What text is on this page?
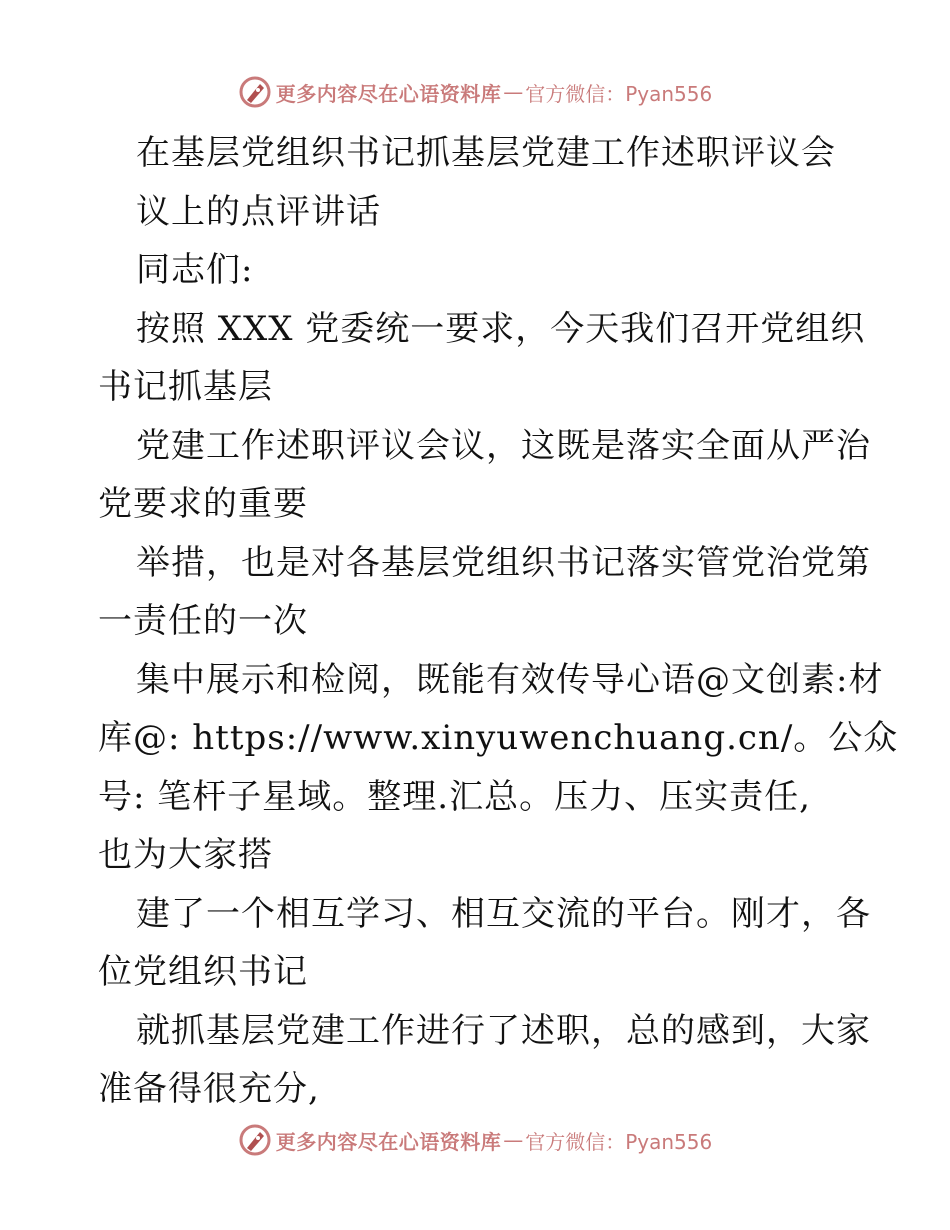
更多内容尽在心语资料库 — 官方微信：Pyan556
在基层党组织书记抓基层党建工作述职评议会
议上的点评讲话
同志们:
按照 XXX 党委统一要求，今天我们召开党组织
书记抓基层
党建工作述职评议会议，这既是落实全面从严治
党要求的重要
举措，也是对各基层党组织书记落实管党治党第
一责任的一次
集中展示和检阅，既能有效传导心语@文创素:材
库@: https://www.xinyuwenchuang.cn/。公众
号: 笔杆子星域。整理.汇总。压力、压实责任,
也为大家搭
建了一个相互学习、相互交流的平台。刚才，各
位党组织书记
就抓基层党建工作进行了述职，总的感到，大家
准备得很充分,
更多内容尽在心语资料库 — 官方微信：Pyan556
